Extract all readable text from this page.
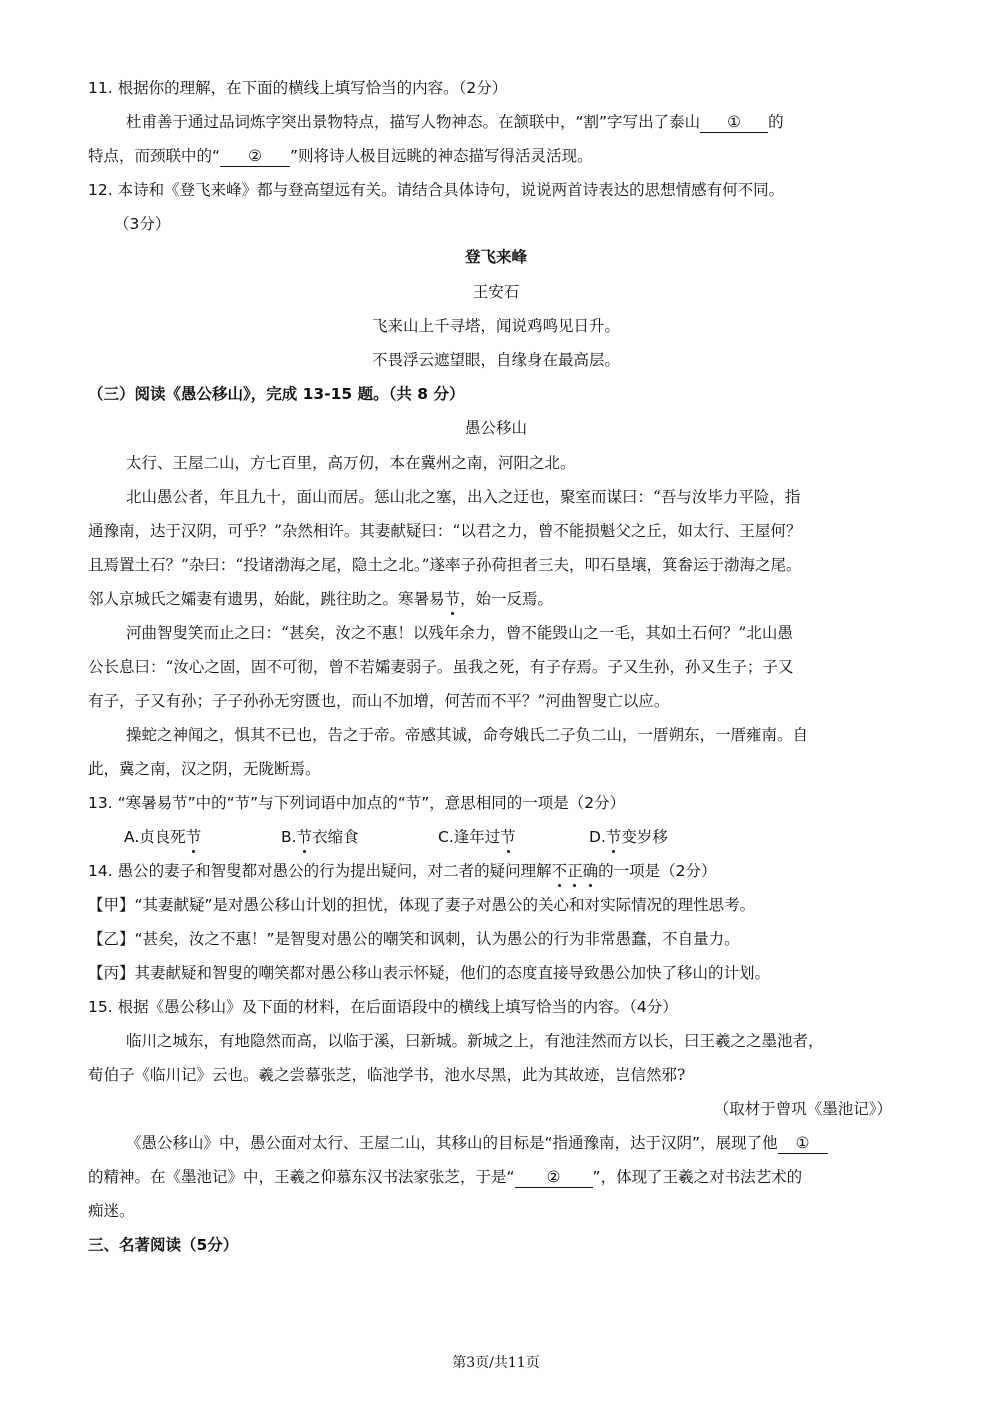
11. 根据你的理解，在下面的横线上填写恰当的内容。（2分）
杜甫善于通过品词炼字突出景物特点，描写人物神态。在颔联中，“割”字写出了泰山 ① 的
特点，而颈联中的“ ② ”则将诗人极目远眺的神态描写得活灵活现。
12. 本诗和《登飞来峰》都与登高望远有关。请结合具体诗句，说说两首诗表达的思想情感有何不同。
（3分）
登飞来峰
王安石
飞来山上千寻塔，闻说鸡鸣见日升。
不畏浮云遮望眼，自缘身在最高层。
（三）阅读《愚公移山》，完成 13-15 题。（共 8 分）
愚公移山
太行、王屋二山，方七百里，高万仞，本在冀州之南，河阳之北。
北山愚公者，年且九十，面山而居。惩山北之塞，出入之迂也，聚室而谋曰：“吾与汝毕力平险，指
通豫南，达于汉阴，可乎？”杂然相许。其妻献疑曰：“以君之力，曾不能损魁父之丘，如太行、王屋何？
且焉置土石？”杂曰：“投诸渤海之尾，隐土之北。”遂率子孙荷担者三夫，叩石垦壤，箕畚运于渤海之尾。
邻人京城氏之孀妻有遗男，始龀，跳往助之。寒暑易节，始一反焉。
河曲智叟笑而止之曰：“甚矣，汝之不惠！以残年余力，曾不能毁山之一毛，其如土石何？”北山愚
公长息曰：“汝心之固，固不可彻，曾不若孀妻弱子。虽我之死，有子存焉。子又生孙，孙又生子；子又
有子，子又有孙；子子孙孙无穷匮也，而山不加增，何苦而不平？”河曲智叟亡以应。
操蛇之神闻之，惧其不已也，告之于帝。帝感其诚，命夸娥氏二子负二山，一厝朔东，一厝雍南。自
此，冀之南，汉之阴，无陇断焉。
13. “寒暑易节”中的“节”与下列词语中加点的“节”，意思相同的一项是（2分）
A.贞良死节	B.节衣缩食	C.逢年过节	D.节变岁移
14. 愚公的妻子和智叟都对愚公的行为提出疑问，对二者的疑问理解不正确的一项是（2分）
【甲】“其妻献疑”是对愚公移山计划的担忧，体现了妻子对愚公的关心和对实际情况的理性思考。
【乙】“甚矣，汝之不惠！”是智叟对愚公的嘲笑和讽刺，认为愚公的行为非常愚蠢，不自量力。
【丙】其妻献疑和智叟的嘲笑都对愚公移山表示怀疑，他们的态度直接导致愚公加快了移山的计划。
15. 根据《愚公移山》及下面的材料，在后面语段中的横线上填写恰当的内容。（4分）
临川之城东，有地隐然而高，以临于溪，曰新城。新城之上，有池洼然而方以长，曰王羲之之墨池者，
荀伯子《临川记》云也。羲之尝慕张芝，临池学书，池水尽黑，此为其故迹，岂信然邪?
（取材于曾巩《墨池记》）
《愚公移山》中，愚公面对太行、王屋二山，其移山的目标是“指通豫南，达于汉阴”，展现了他 ①
的精神。在《墨池记》中，王羲之仰慕东汉书法家张芝，于是“ ② ”，体现了王羲之对书法艺术的
痴迷。
三、名著阅读（5分）
第3页/共11页
